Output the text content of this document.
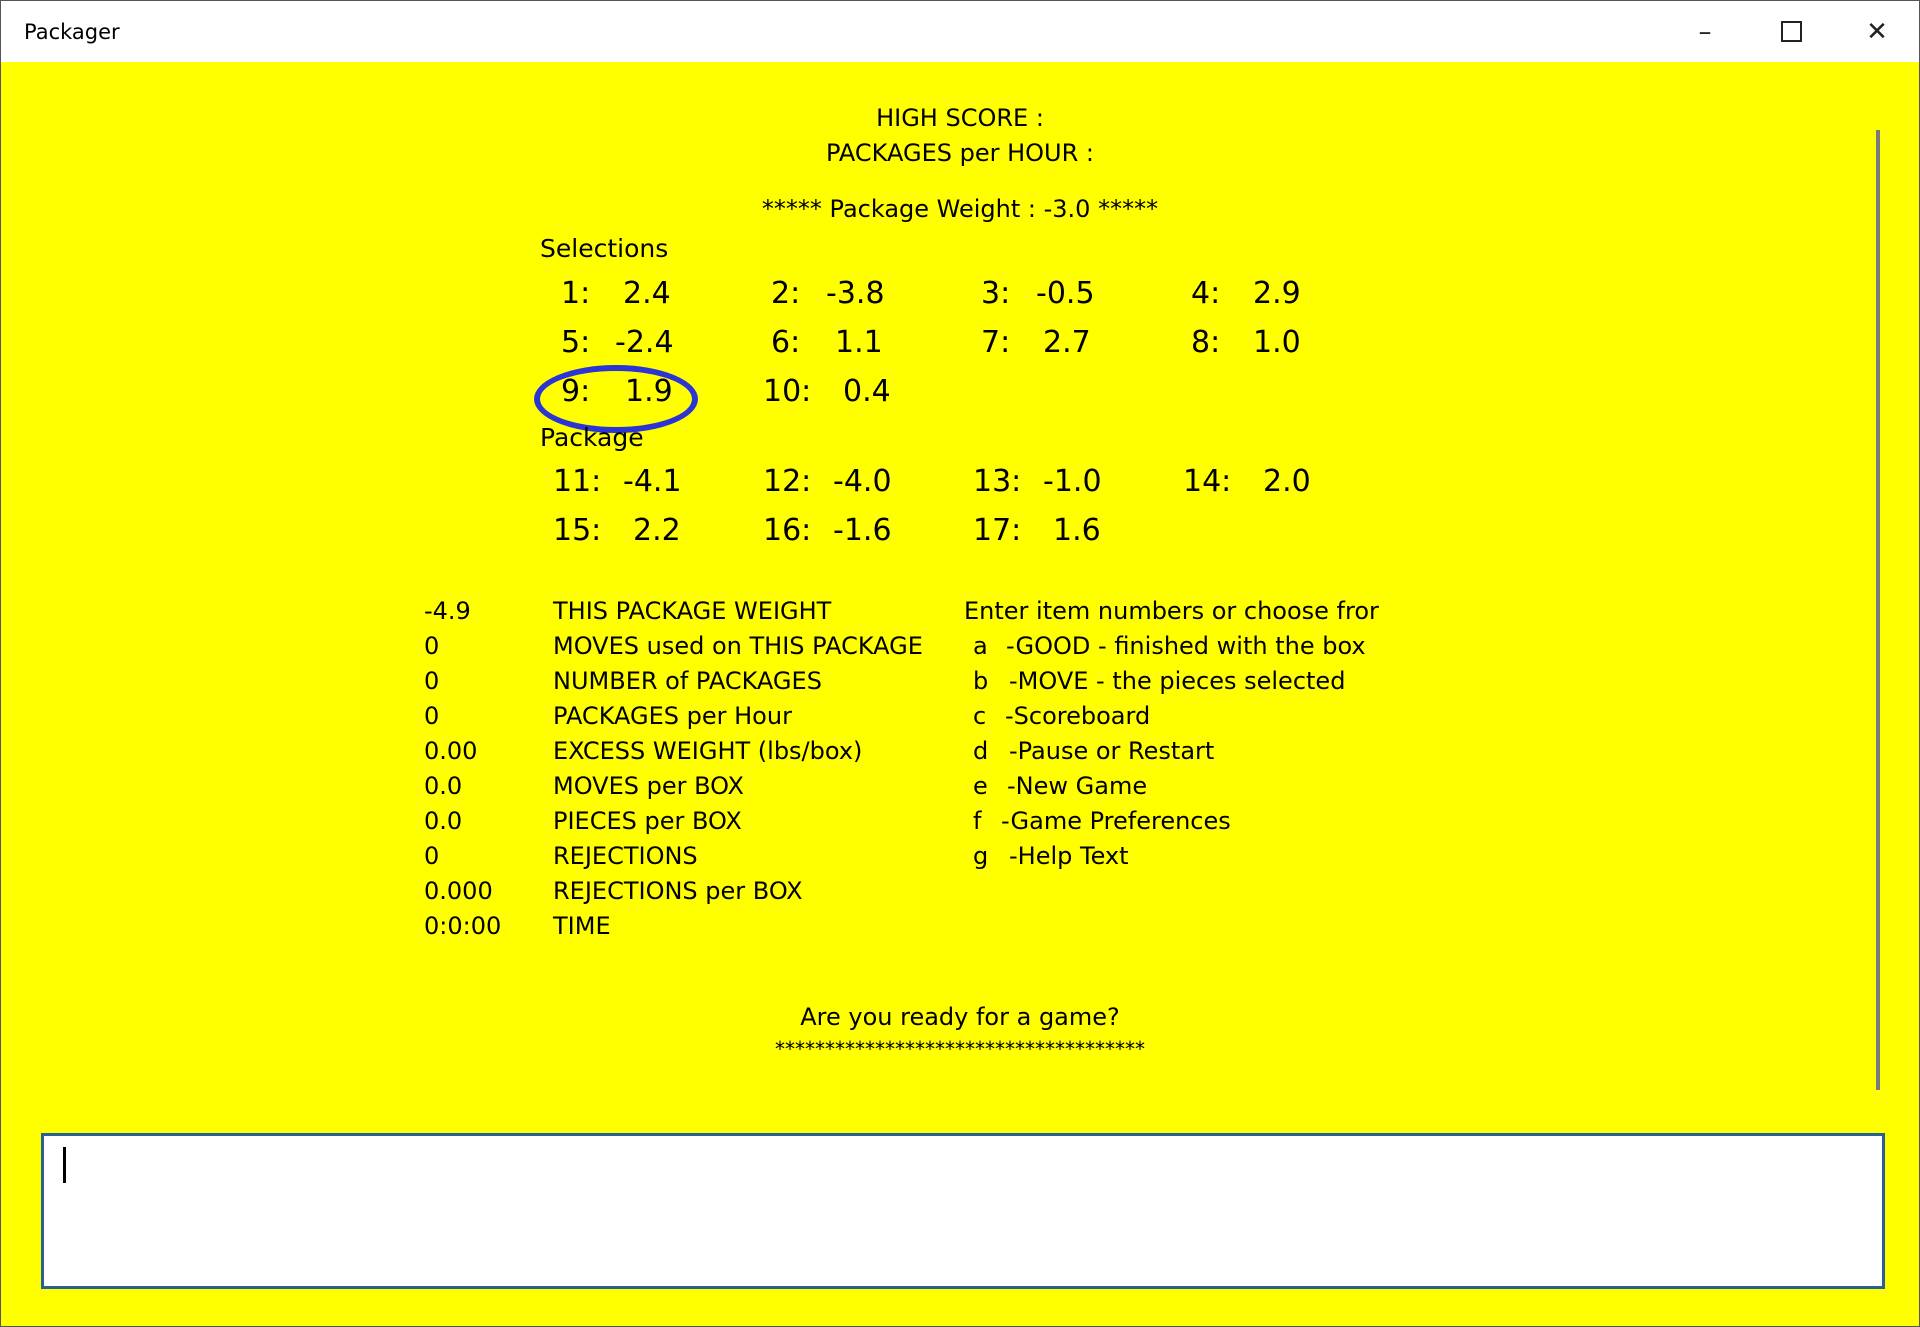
Packager	–	✕
HIGH SCORE :
PACKAGES per HOUR :
***** Package Weight : -3.0 *****
Selections
1: 2.4	2: -3.8	3: -0.5	4: 2.9
5: -2.4	6: 1.1	7: 2.7	8: 1.0
9: 1.9	10: 0.4
Package
11: -4.1	12: -4.0	13: -1.0	14: 2.0
15: 2.2	16: -1.6	17: 1.6
-4.9	THIS PACKAGE WEIGHT
0	MOVES used on THIS PACKAGE
0	NUMBER of PACKAGES
0	PACKAGES per Hour
0.00	EXCESS WEIGHT (lbs/box)
0.0	MOVES per BOX
0.0	PIECES per BOX
0	REJECTIONS
0.000	REJECTIONS per BOX
0:0:00 TIME
Enter item numbers or choose fror
a -GOOD - finished with the box
b -MOVE - the pieces selected
c -Scoreboard
d -Pause or Restart
e -New Game
f -Game Preferences
g -Help Text
Are you ready for a game?
*************************************
